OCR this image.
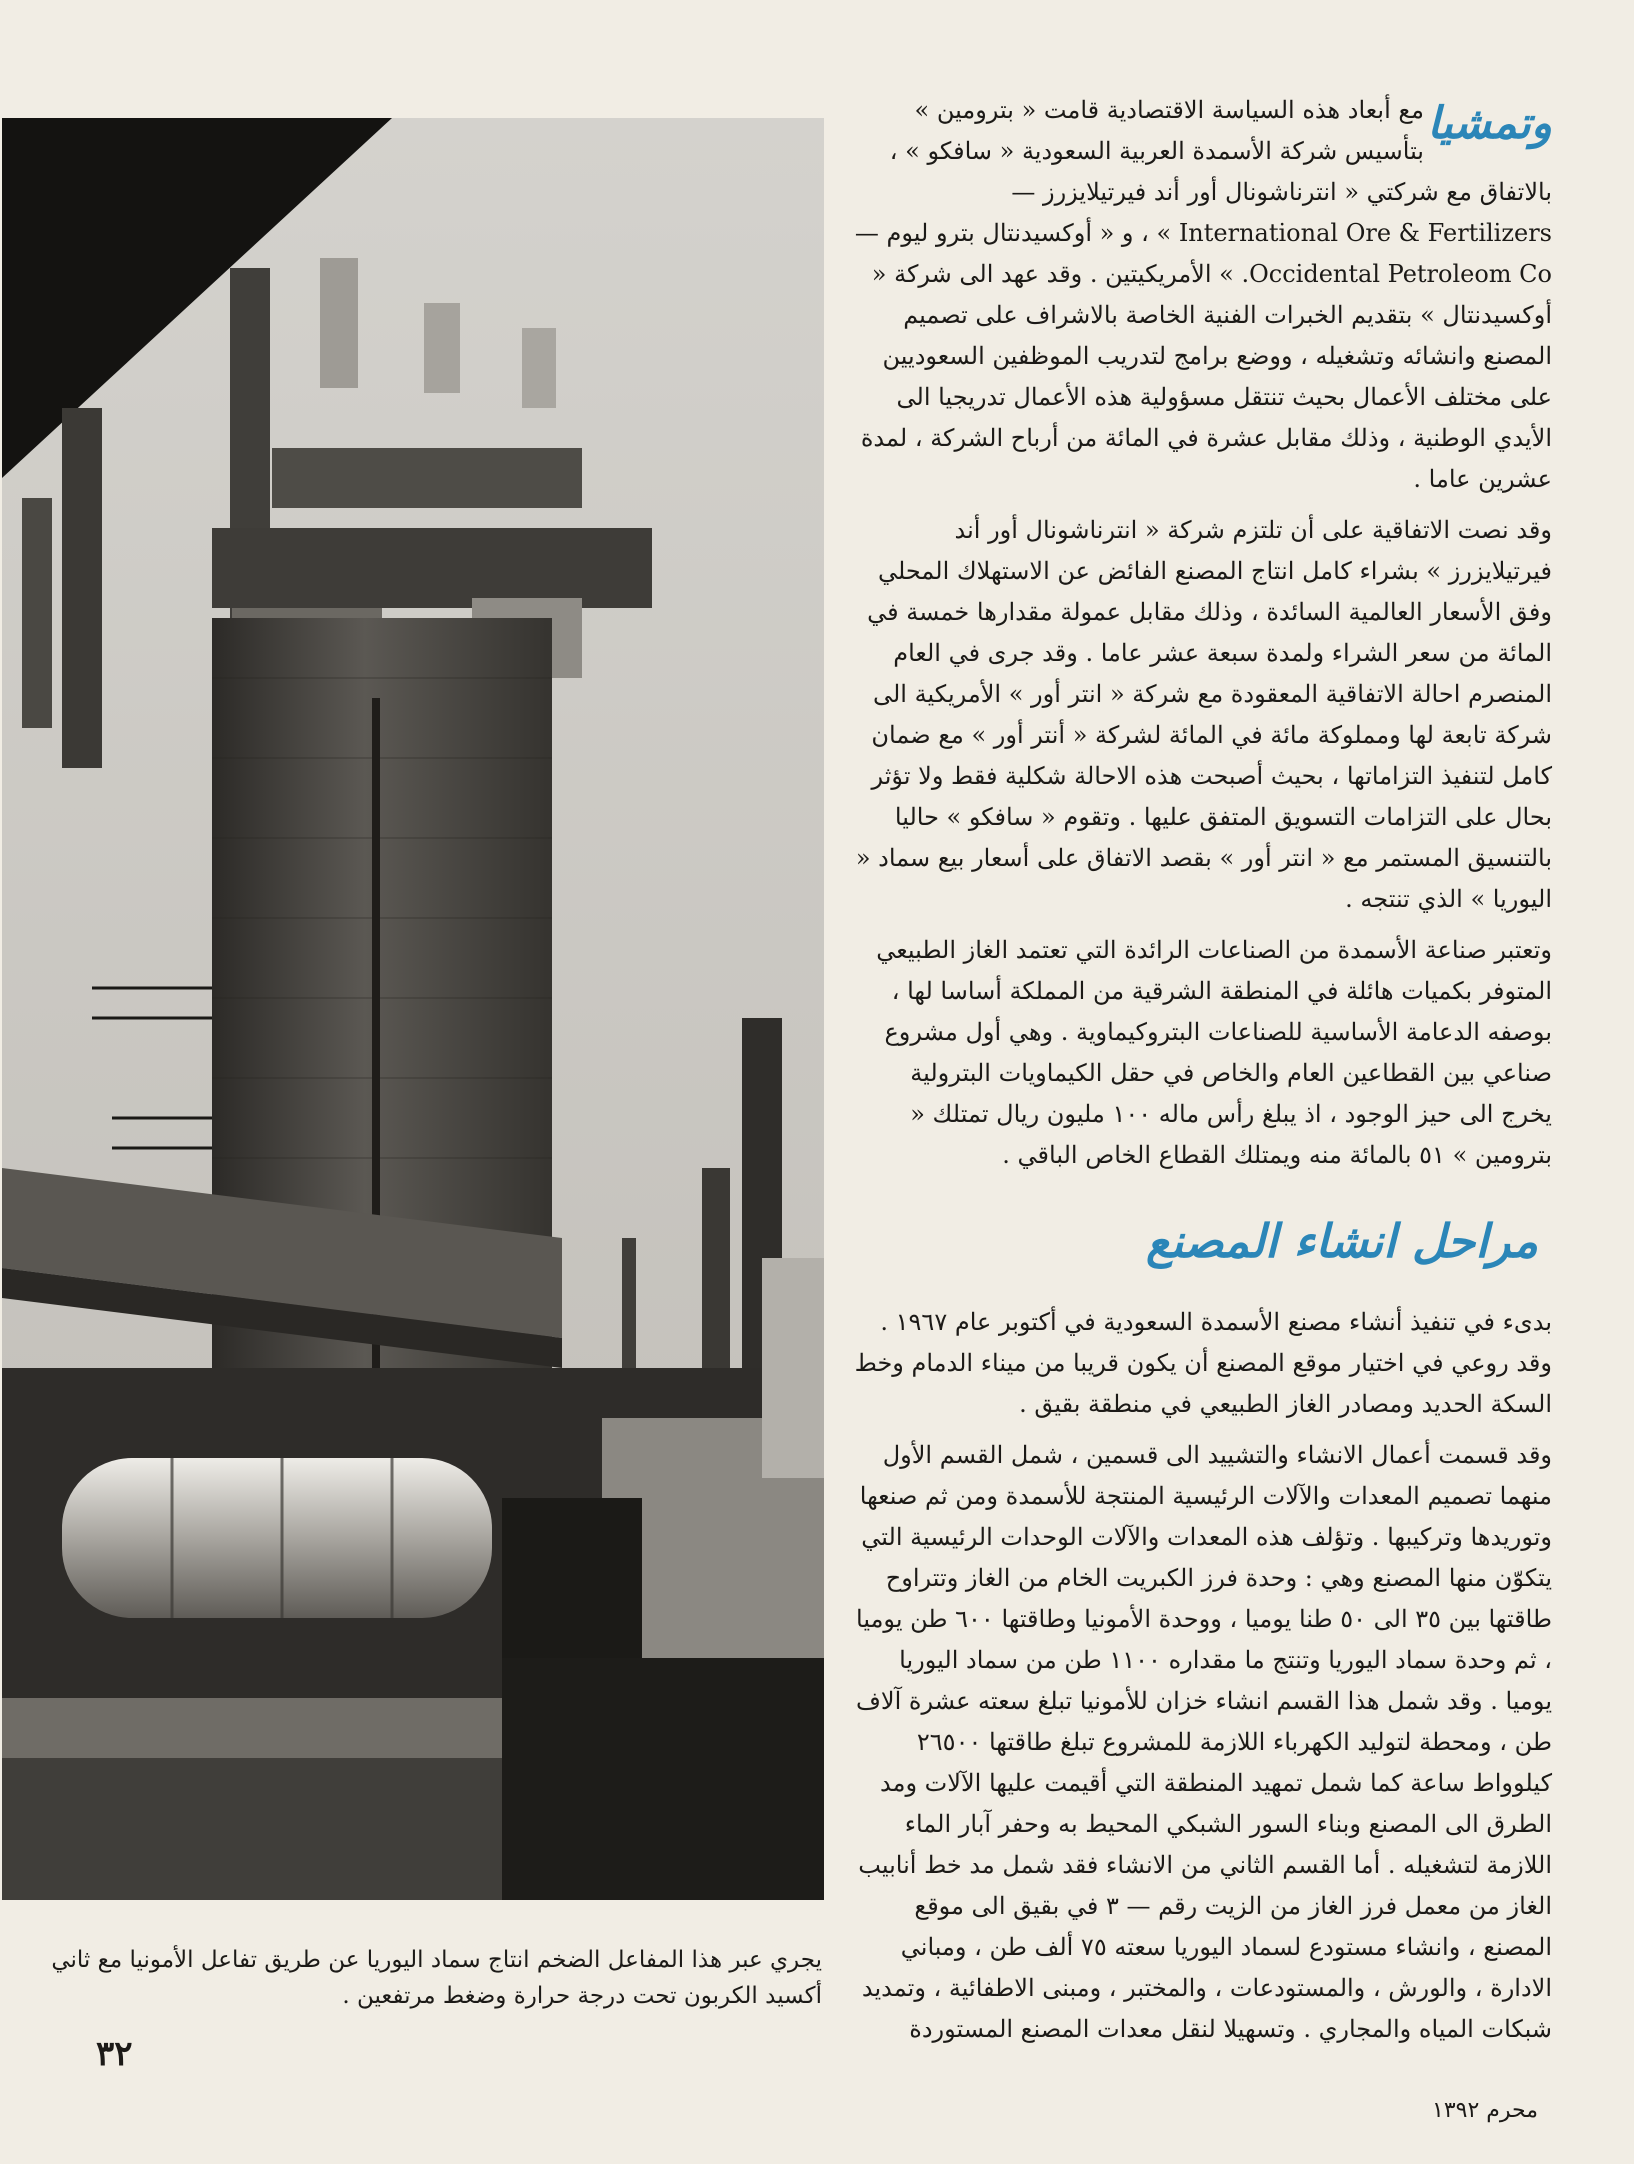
يجري عبر هذا المفاعل الضخم انتاج سماد اليوريا عن طريق تفاعل الأمونيا مع ثاني أكسيد الكربون تحت درجة حرارة وضغط مرتفعين .

وتمشيا

مع أبعاد هذه السياسة الاقتصادية قامت « بترومين » بتأسيس شركة الأسمدة العربية السعودية « سافكو » ، بالاتفاق مع شركتي « انترناشونال أور أند فيرتيلايزرز — International Ore & Fertilizers » ، و « أوكسيدنتال بترو ليوم — Occidental Petroleom Co. » الأمريكيتين . وقد عهد الى شركة « أوكسيدنتال » بتقديم الخبرات الفنية الخاصة بالاشراف على تصميم المصنع وانشائه وتشغيله ، ووضع برامج لتدريب الموظفين السعوديين على مختلف الأعمال بحيث تنتقل مسؤولية هذه الأعمال تدريجيا الى الأيدي الوطنية ، وذلك مقابل عشرة في المائة من أرباح الشركة ، لمدة عشرين عاما .

وقد نصت الاتفاقية على أن تلتزم شركة « انترناشونال أور أند فيرتيلايزرز » بشراء كامل انتاج المصنع الفائض عن الاستهلاك المحلي وفق الأسعار العالمية السائدة ، وذلك مقابل عمولة مقدارها خمسة في المائة من سعر الشراء ولمدة سبعة عشر عاما . وقد جرى في العام المنصرم احالة الاتفاقية المعقودة مع شركة « انتر أور » الأمريكية الى شركة تابعة لها ومملوكة مائة في المائة لشركة « أنتر أور » مع ضمان كامل لتنفيذ التزاماتها ، بحيث أصبحت هذه الاحالة شكلية فقط ولا تؤثر بحال على التزامات التسويق المتفق عليها . وتقوم « سافكو » حاليا بالتنسيق المستمر مع « انتر أور » بقصد الاتفاق على أسعار بيع سماد « اليوريا » الذي تنتجه .

وتعتبر صناعة الأسمدة من الصناعات الرائدة التي تعتمد الغاز الطبيعي المتوفر بكميات هائلة في المنطقة الشرقية من المملكة أساسا لها ، بوصفه الدعامة الأساسية للصناعات البتروكيماوية . وهي أول مشروع صناعي بين القطاعين العام والخاص في حقل الكيماويات البترولية يخرج الى حيز الوجود ، اذ يبلغ رأس ماله ١٠٠ مليون ريال تمتلك « بترومين » ٥١ بالمائة منه ويمتلك القطاع الخاص الباقي .

مراحل انشاء المصنع

بدىء في تنفيذ أنشاء مصنع الأسمدة السعودية في أكتوبر عام ١٩٦٧ . وقد روعي في اختيار موقع المصنع أن يكون قريبا من ميناء الدمام وخط السكة الحديد ومصادر الغاز الطبيعي في منطقة بقيق .

وقد قسمت أعمال الانشاء والتشييد الى قسمين ، شمل القسم الأول منهما تصميم المعدات والآلات الرئيسية المنتجة للأسمدة ومن ثم صنعها وتوريدها وتركيبها . وتؤلف هذه المعدات والآلات الوحدات الرئيسية التي يتكوّن منها المصنع وهي : وحدة فرز الكبريت الخام من الغاز وتتراوح طاقتها بين ٣٥ الى ٥٠ طنا يوميا ، ووحدة الأمونيا وطاقتها ٦٠٠ طن يوميا ، ثم وحدة سماد اليوريا وتنتج ما مقداره ١١٠٠ طن من سماد اليوريا يوميا . وقد شمل هذا القسم انشاء خزان للأمونيا تبلغ سعته عشرة آلاف طن ، ومحطة لتوليد الكهرباء اللازمة للمشروع تبلغ طاقتها ٢٦٥٠٠ كيلوواط ساعة كما شمل تمهيد المنطقة التي أقيمت عليها الآلات ومد الطرق الى المصنع وبناء السور الشبكي المحيط به وحفر آبار الماء اللازمة لتشغيله . أما القسم الثاني من الانشاء فقد شمل مد خط أنابيب الغاز من معمل فرز الغاز من الزيت رقم — ٣ في بقيق الى موقع المصنع ، وانشاء مستودع لسماد اليوريا سعته ٧٥ ألف طن ، ومباني الادارة ، والورش ، والمستودعات ، والمختبر ، ومبنى الاطفائية ، وتمديد شبكات المياه والمجاري . وتسهيلا لنقل معدات المصنع المستوردة

٣٢
محرم ١٣٩٢
